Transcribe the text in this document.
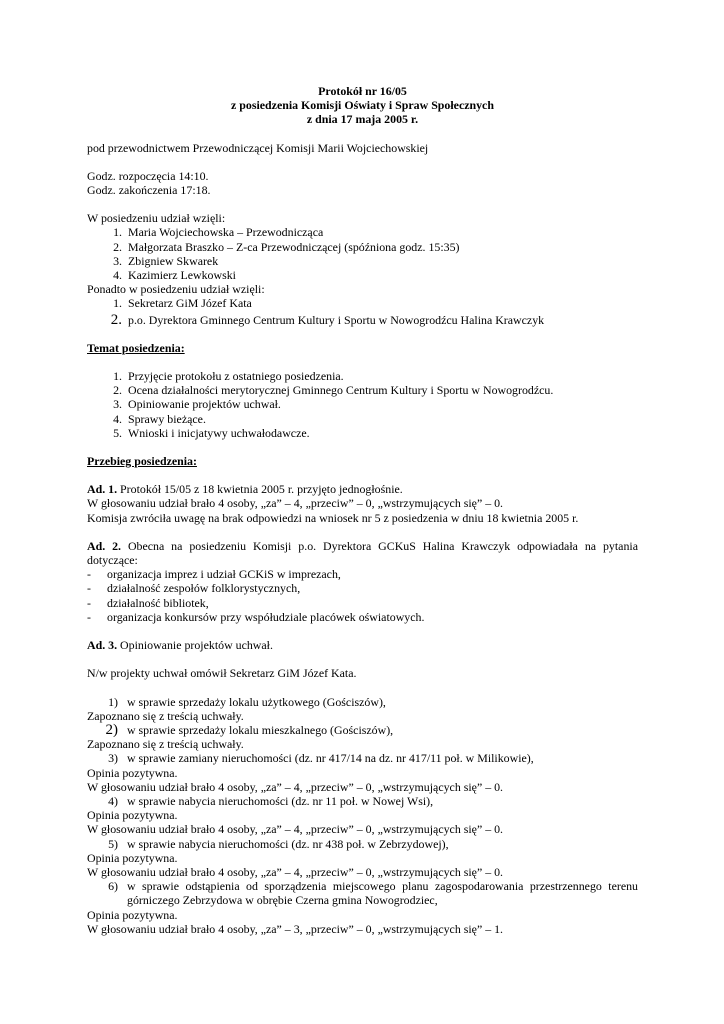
Protokół nr 16/05

z posiedzenia Komisji Oświaty i Spraw Społecznych

z dnia 17 maja 2005 r.

pod przewodnictwem Przewodniczącej Komisji Marii Wojciechowskiej

Godz. rozpoczęcia 14:10.

Godz. zakończenia 17:18.

W posiedzeniu udział wzięli:

1. Maria Wojciechowska – Przewodnicząca
2. Małgorzata Braszko – Z-ca Przewodniczącej (spóźniona godz. 15:35)
3. Zbigniew Skwarek
4. Kazimierz Lewkowski

Ponadto w posiedzeniu udział wzięli:

1. Sekretarz GiM Józef Kata
2. p.o. Dyrektora Gminnego Centrum Kultury i Sportu w Nowogrodźcu Halina Krawczyk

Temat posiedzenia:

1. Przyjęcie protokołu z ostatniego posiedzenia.
2. Ocena działalności merytorycznej Gminnego Centrum Kultury i Sportu w Nowogrodźcu.
3. Opiniowanie projektów uchwał.
4. Sprawy bieżące.
5. Wnioski i inicjatywy uchwałodawcze.

Przebieg posiedzenia:

Ad. 1. Protokół 15/05 z 18 kwietnia 2005 r. przyjęto jednogłośnie.

W głosowaniu udział brało 4 osoby, „za” – 4, „przeciw” – 0, „wstrzymujących się” – 0.

Komisja zwróciła uwagę na brak odpowiedzi na wniosek nr 5 z posiedzenia w dniu 18 kwietnia 2005 r.

Ad. 2. Obecna na posiedzeniu Komisji p.o. Dyrektora GCKuS Halina Krawczyk odpowiadała na pytania dotyczące:

-	organizacja imprez i udział GCKiS w imprezach,
-	działalność zespołów folklorystycznych,
-	działalność bibliotek,
-	organizacja konkursów przy współudziale placówek oświatowych.

Ad. 3. Opiniowanie projektów uchwał.

N/w projekty uchwał omówił Sekretarz GiM Józef Kata.

1) w sprawie sprzedaży lokalu użytkowego (Gościszów),

Zapoznano się z treścią uchwały.

2) w sprawie sprzedaży lokalu mieszkalnego (Gościszów),

Zapoznano się z treścią uchwały.

3) w sprawie zamiany nieruchomości (dz. nr 417/14 na dz. nr 417/11 poł. w Milikowie),

Opinia pozytywna.

W głosowaniu udział brało 4 osoby, „za” – 4, „przeciw” – 0, „wstrzymujących się” – 0.

4) w sprawie nabycia nieruchomości (dz. nr 11 poł. w Nowej Wsi),

Opinia pozytywna.

W głosowaniu udział brało 4 osoby, „za” – 4, „przeciw” – 0, „wstrzymujących się” – 0.

5) w sprawie nabycia nieruchomości (dz. nr 438 poł. w Zebrzydowej),

Opinia pozytywna.

W głosowaniu udział brało 4 osoby, „za” – 4, „przeciw” – 0, „wstrzymujących się” – 0.

6) w sprawie odstąpienia od sporządzenia miejscowego planu zagospodarowania przestrzennego terenu górniczego Zebrzydowa w obrębie Czerna gmina Nowogrodziec,

Opinia pozytywna.

W głosowaniu udział brało 4 osoby, „za” – 3, „przeciw” – 0, „wstrzymujących się” – 1.
